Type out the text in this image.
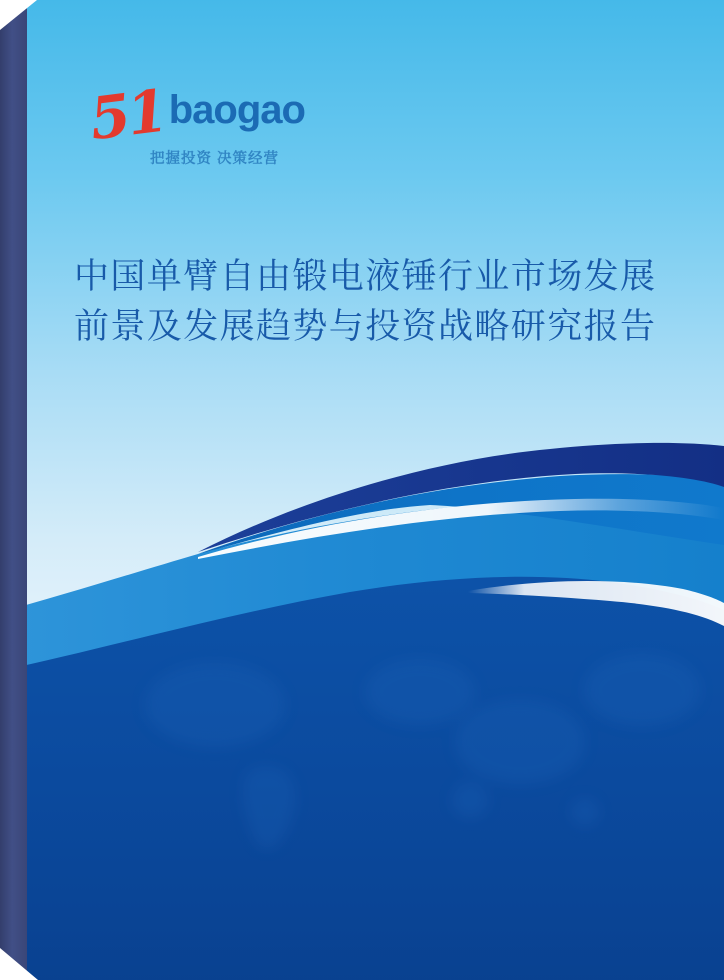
51 baogao
把握投资 决策经营
中国单臂自由锻电液锤行业市场发展
前景及发展趋势与投资战略研究报告
